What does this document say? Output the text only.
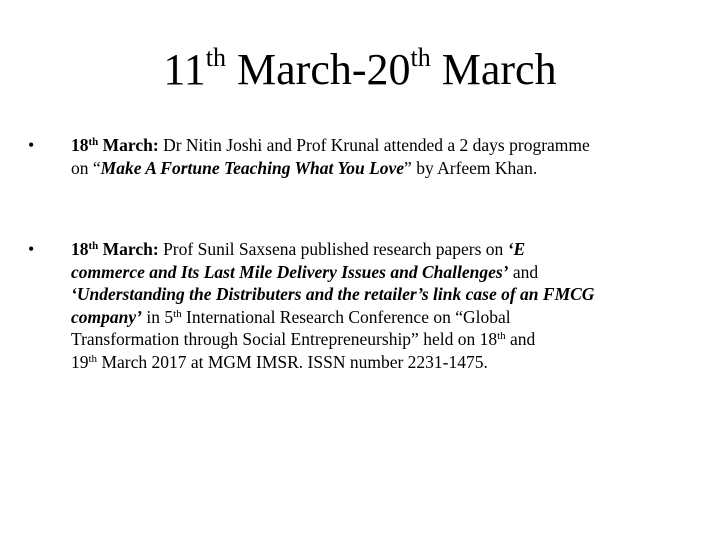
11th March-20th March
• 18th March: Dr Nitin Joshi and Prof Krunal attended a 2 days programme
on “Make A Fortune Teaching What You Love” by Arfeem Khan.

• 18th March: Prof Sunil Saxsena published research papers on ‘E
commerce and Its Last Mile Delivery Issues and Challenges’ and
‘Understanding the Distributers and the retailer’s link case of an FMCG
company’ in 5th International Research Conference on “Global
Transformation through Social Entrepreneurship” held on 18th and
19th March 2017 at MGM IMSR. ISSN number 2231-1475.
